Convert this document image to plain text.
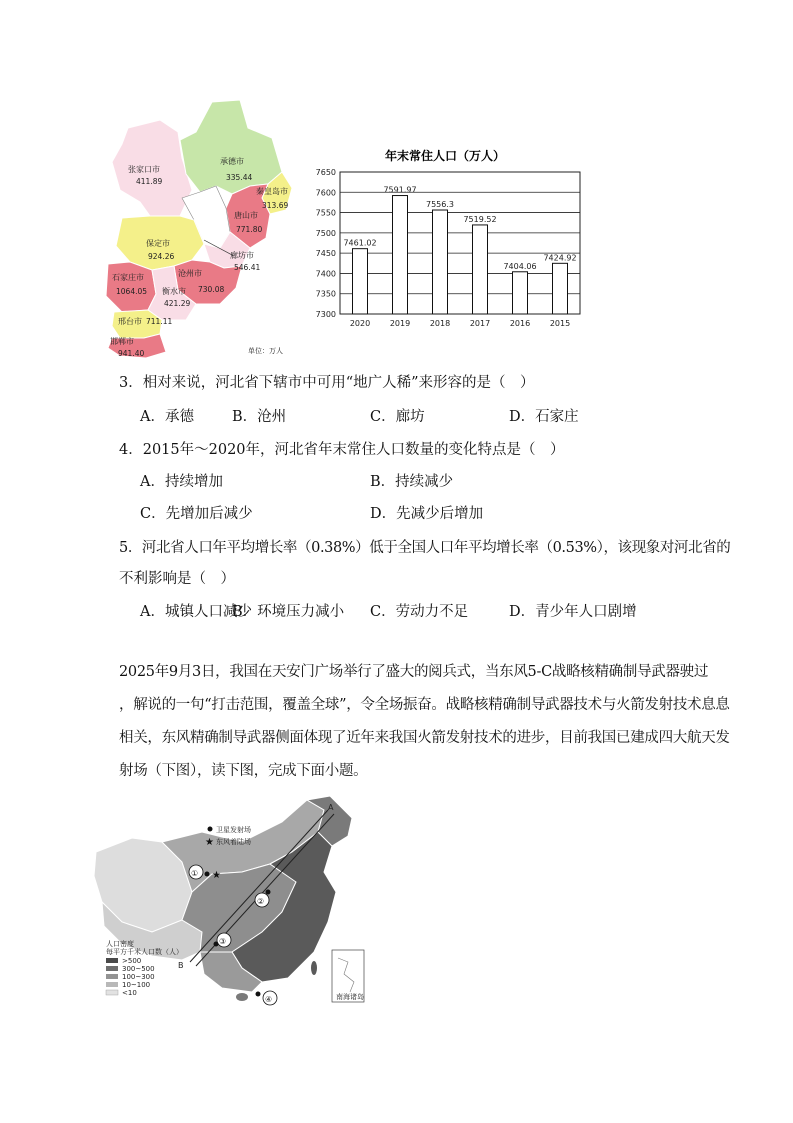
张家口市
411.89
承德市
335.44
秦皇岛市
313.69
唐山市
771.80
保定市
924.26	廊坊市
546.41
石家庄市
1064.05
沧州市
730.08
衡水市
421.29
邢台市 711.11
邯郸市
941.40	单位：万人
年末常住人口（万人）
7650
7600
7550
7500
7450
7400
7350
7300
7461.02
7591.97
7556.3
7519.52
7404.06
7424.92
2020 2019 2018 2017 2016 2015
3．相对来说，河北省下辖市中可用“地广人稀”来形容的是（　）
A．承德	B．沧州	C．廊坊	D．石家庄
4．2015年～2020年，河北省年末常住人口数量的变化特点是（　）
A．持续增加	B．持续减少
C．先增加后减少	D．先减少后增加
5．河北省人口年平均增长率（0.38%）低于全国人口年平均增长率（0.53%），该现象对河北省的
不利影响是（　）
A．城镇人口减少
B．环境压力减小 C．劳动力不足	D．青少年人口剧增
2025年9月3日，我国在天安门广场举行了盛大的阅兵式，当东风5-C战略核精确制导武器驶过
，解说的一句“打击范围，覆盖全球”，令全场振奋。战略核精确制导武器技术与火箭发射技术息息
相关，东风精确制导武器侧面体现了近年来我国火箭发射技术的进步，目前我国已建成四大航天发
射场（下图），读下图，完成下面小题。
A
B
卫星发射场
★ 东风着陆场
① ★
②
③
④
人口密度
每平方千米人口数（人）
>500
300~500
100~300
10~100
<10	南海诸岛
